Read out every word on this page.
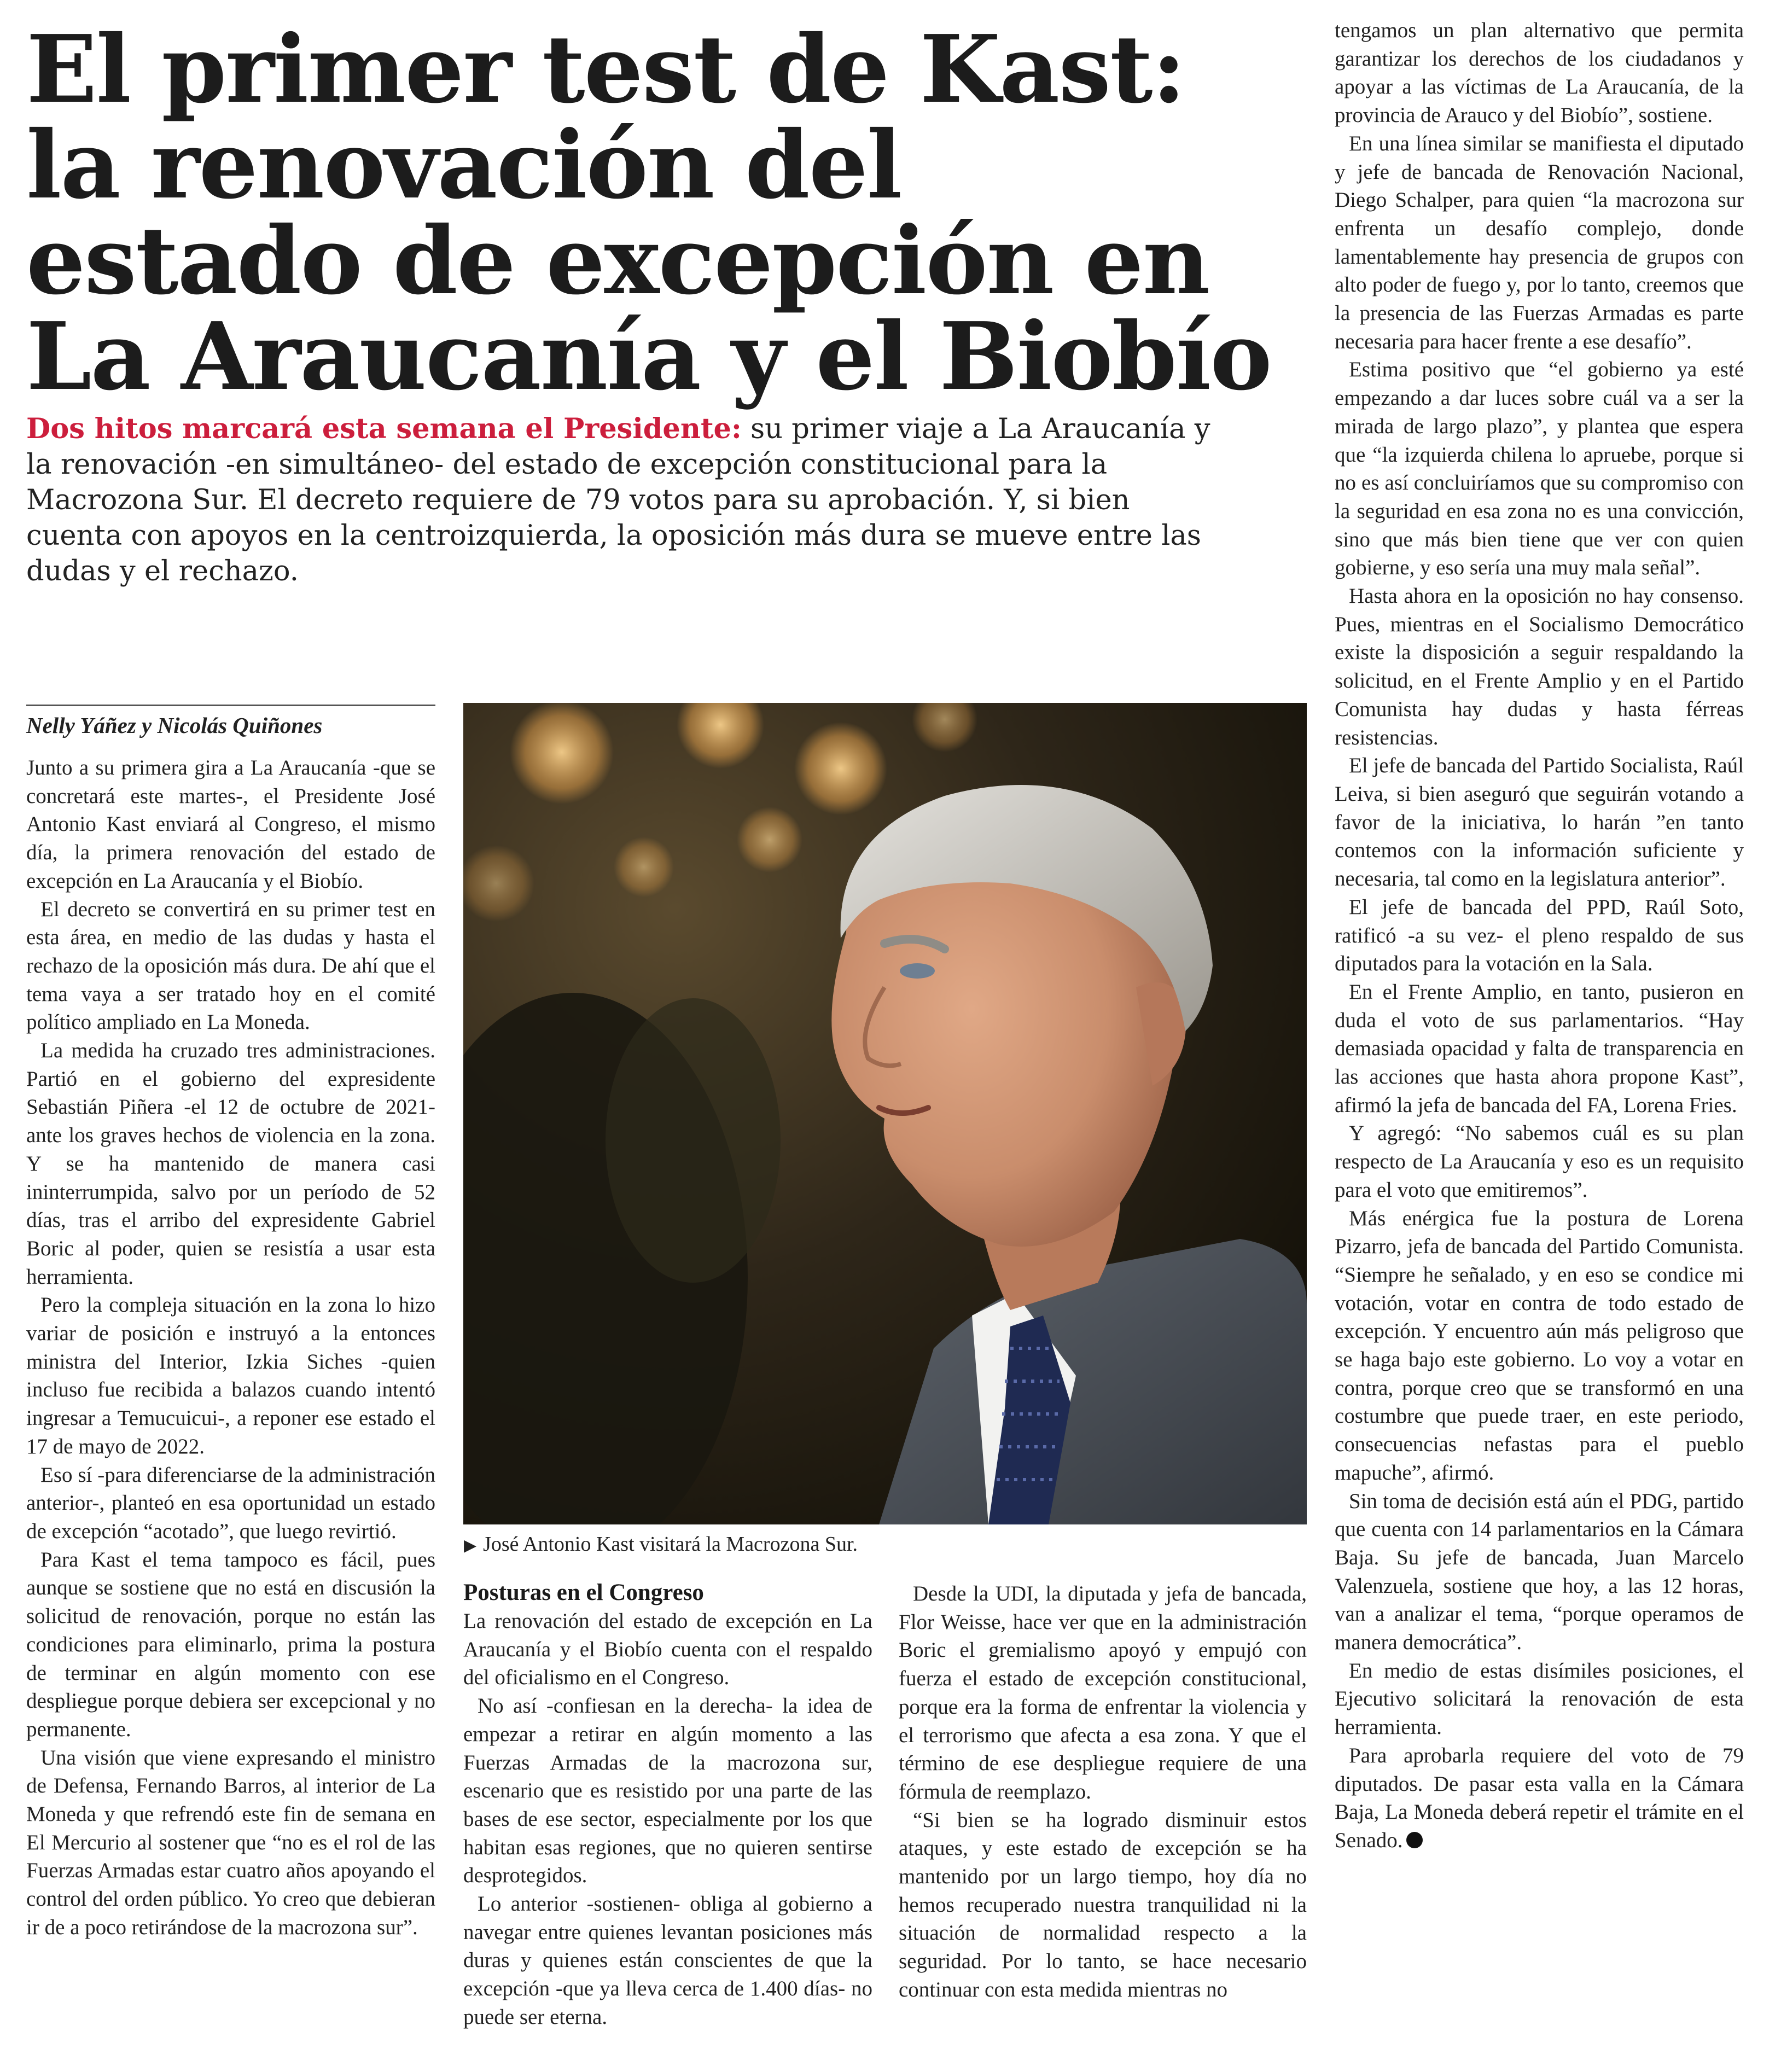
El primer test de Kast:
la renovación del
estado de excepción en
La Araucanía y el Biobío

Dos hitos marcará esta semana el Presidente: su primer viaje a La Araucanía y la renovación -en simultáneo- del estado de excepción constitucional para la Macrozona Sur. El decreto requiere de 79 votos para su aprobación. Y, si bien cuenta con apoyos en la centroizquierda, la oposición más dura se mueve entre las dudas y el rechazo.

Nelly Yáñez y Nicolás Quiñones

Junto a su primera gira a La Araucanía -que se concretará este martes-, el Presidente José Antonio Kast enviará al Congreso, el mismo día, la primera renovación del estado de excepción en La Araucanía y el Biobío.

El decreto se convertirá en su primer test en esta área, en medio de las dudas y hasta el rechazo de la oposición más dura. De ahí que el tema vaya a ser tratado hoy en el comité político ampliado en La Moneda.

La medida ha cruzado tres administraciones. Partió en el gobierno del expresidente Sebastián Piñera -el 12 de octubre de 2021- ante los graves hechos de violencia en la zona. Y se ha mantenido de manera casi ininterrumpida, salvo por un período de 52 días, tras el arribo del expresidente Gabriel Boric al poder, quien se resistía a usar esta herramienta.

Pero la compleja situación en la zona lo hizo variar de posición e instruyó a la entonces ministra del Interior, Izkia Siches -quien incluso fue recibida a balazos cuando intentó ingresar a Temucuicui-, a reponer ese estado el 17 de mayo de 2022.

Eso sí -para diferenciarse de la administración anterior-, planteó en esa oportunidad un estado de excepción “acotado”, que luego revirtió.

Para Kast el tema tampoco es fácil, pues aunque se sostiene que no está en discusión la solicitud de renovación, porque no están las condiciones para eliminarlo, prima la postura de terminar en algún momento con ese despliegue porque debiera ser excepcional y no permanente.

Una visión que viene expresando el ministro de Defensa, Fernando Barros, al interior de La Moneda y que refrendó este fin de semana en El Mercurio al sostener que “no es el rol de las Fuerzas Armadas estar cuatro años apoyando el control del orden público. Yo creo que debieran ir de a poco retirándose de la macrozona sur”.

▶ José Antonio Kast visitará la Macrozona Sur.
Posturas en el Congreso

La renovación del estado de excepción en La Araucanía y el Biobío cuenta con el respaldo del oficialismo en el Congreso.

No así -confiesan en la derecha- la idea de empezar a retirar en algún momento a las Fuerzas Armadas de la macrozona sur, escenario que es resistido por una parte de las bases de ese sector, especialmente por los que habitan esas regiones, que no quieren sentirse desprotegidos.

Lo anterior -sostienen- obliga al gobierno a navegar entre quienes levantan posiciones más duras y quienes están conscientes de que la excepción -que ya lleva cerca de 1.400 días- no puede ser eterna.

Desde la UDI, la diputada y jefa de bancada, Flor Weisse, hace ver que en la administración Boric el gremialismo apoyó y empujó con fuerza el estado de excepción constitucional, porque era la forma de enfrentar la violencia y el terrorismo que afecta a esa zona. Y que el término de ese despliegue requiere de una fórmula de reemplazo.

“Si bien se ha logrado disminuir estos ataques, y este estado de excepción se ha mantenido por un largo tiempo, hoy día no hemos recuperado nuestra tranquilidad ni la situación de normalidad respecto a la seguridad. Por lo tanto, se hace necesario continuar con esta medida mientras no

tengamos un plan alternativo que permita garantizar los derechos de los ciudadanos y apoyar a las víctimas de La Araucanía, de la provincia de Arauco y del Biobío”, sostiene.

En una línea similar se manifiesta el diputado y jefe de bancada de Renovación Nacional, Diego Schalper, para quien “la macrozona sur enfrenta un desafío complejo, donde lamentablemente hay presencia de grupos con alto poder de fuego y, por lo tanto, creemos que la presencia de las Fuerzas Armadas es parte necesaria para hacer frente a ese desafío”.

Estima positivo que “el gobierno ya esté empezando a dar luces sobre cuál va a ser la mirada de largo plazo”, y plantea que espera que “la izquierda chilena lo apruebe, porque si no es así concluiríamos que su compromiso con la seguridad en esa zona no es una convicción, sino que más bien tiene que ver con quien gobierne, y eso sería una muy mala señal”.

Hasta ahora en la oposición no hay consenso. Pues, mientras en el Socialismo Democrático existe la disposición a seguir respaldando la solicitud, en el Frente Amplio y en el Partido Comunista hay dudas y hasta férreas resistencias.

El jefe de bancada del Partido Socialista, Raúl Leiva, si bien aseguró que seguirán votando a favor de la iniciativa, lo harán ”en tanto contemos con la información suficiente y necesaria, tal como en la legislatura anterior”.

El jefe de bancada del PPD, Raúl Soto, ratificó -a su vez- el pleno respaldo de sus diputados para la votación en la Sala.

En el Frente Amplio, en tanto, pusieron en duda el voto de sus parlamentarios. “Hay demasiada opacidad y falta de transparencia en las acciones que hasta ahora propone Kast”, afirmó la jefa de bancada del FA, Lorena Fries.

Y agregó: “No sabemos cuál es su plan respecto de La Araucanía y eso es un requisito para el voto que emitiremos”.

Más enérgica fue la postura de Lorena Pizarro, jefa de bancada del Partido Comunista. “Siempre he señalado, y en eso se condice mi votación, votar en contra de todo estado de excepción. Y encuentro aún más peligroso que se haga bajo este gobierno. Lo voy a votar en contra, porque creo que se transformó en una costumbre que puede traer, en este periodo, consecuencias nefastas para el pueblo mapuche”, afirmó.

Sin toma de decisión está aún el PDG, partido que cuenta con 14 parlamentarios en la Cámara Baja. Su jefe de bancada, Juan Marcelo Valenzuela, sostiene que hoy, a las 12 horas, van a analizar el tema, “porque operamos de manera democrática”.

En medio de estas disímiles posiciones, el Ejecutivo solicitará la renovación de esta herramienta.

Para aprobarla requiere del voto de 79 diputados. De pasar esta valla en la Cámara Baja, La Moneda deberá repetir el trámite en el Senado.
